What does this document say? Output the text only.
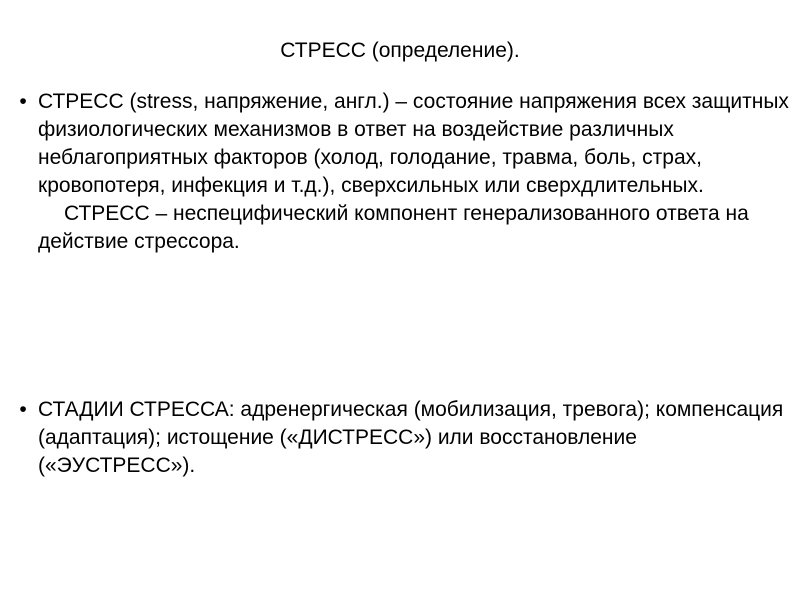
СТРЕСС (определение).
• СТРЕСС (stress, напряжение, англ.) – состояние напряжения всех защитных физиологических механизмов в ответ на воздействие различных неблагоприятных факторов (холод, голодание, травма, боль, страх, кровопотеря, инфекция и т.д.), сверхсильных или сверхдлительных.
СТРЕСС – неспецифический компонент генерализованного ответа на действие стрессора.
• СТАДИИ СТРЕССА: адренергическая (мобилизация, тревога); компенсация (адаптация); истощение («ДИСТРЕСС») или восстановление («ЭУСТРЕСС»).
